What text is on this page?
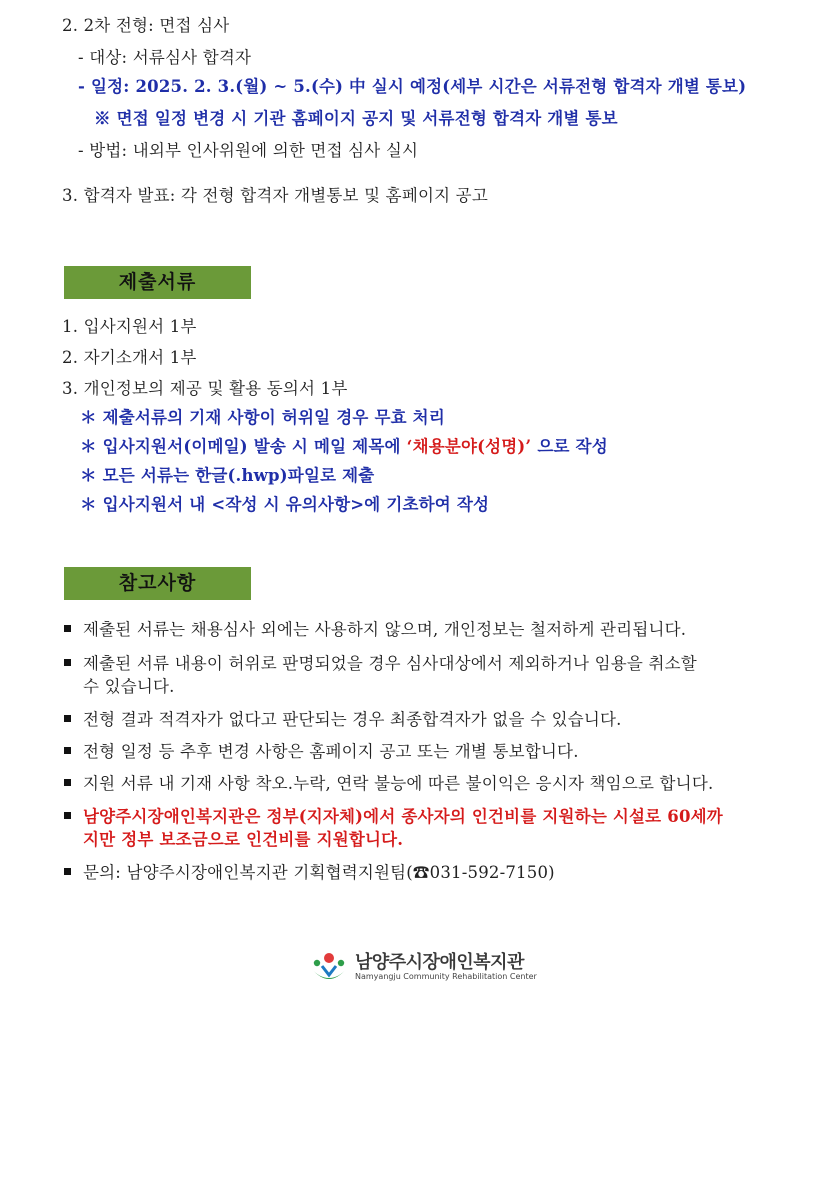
2. 2차 전형: 면접 심사
- 대상: 서류심사 합격자
- 일정: 2025. 2. 3.(월) ~ 5.(수) 中 실시 예정(세부 시간은 서류전형 합격자 개별 통보)
※ 면접 일정 변경 시 기관 홈페이지 공지 및 서류전형 합격자 개별 통보
- 방법: 내외부 인사위원에 의한 면접 심사 실시
3. 합격자 발표: 각 전형 합격자 개별통보 및 홈페이지 공고
제출서류
1. 입사지원서 1부
2. 자기소개서 1부
3. 개인정보의 제공 및 활용 동의서 1부
＊ 제출서류의 기재 사항이 허위일 경우 무효 처리
＊ 입사지원서(이메일) 발송 시 메일 제목에 ‘채용분야(성명)’ 으로 작성
＊ 모든 서류는 한글(.hwp)파일로 제출
＊ 입사지원서 내 <작성 시 유의사항>에 기초하여 작성
참고사항
제출된 서류는 채용심사 외에는 사용하지 않으며, 개인정보는 철저하게 관리됩니다.
제출된 서류 내용이 허위로 판명되었을 경우 심사대상에서 제외하거나 임용을 취소할
수 있습니다.
전형 결과 적격자가 없다고 판단되는 경우 최종합격자가 없을 수 있습니다.
전형 일정 등 추후 변경 사항은 홈페이지 공고 또는 개별 통보합니다.
지원 서류 내 기재 사항 착오.누락, 연락 불능에 따른 불이익은 응시자 책임으로 합니다.
남양주시장애인복지관은 정부(지자체)에서 종사자의 인건비를 지원하는 시설로 60세까
지만 정부 보조금으로 인건비를 지원합니다.
문의: 남양주시장애인복지관 기획협력지원팀(☎031-592-7150)
남양주시장애인복지관
Namyangju Community Rehabilitation Center
